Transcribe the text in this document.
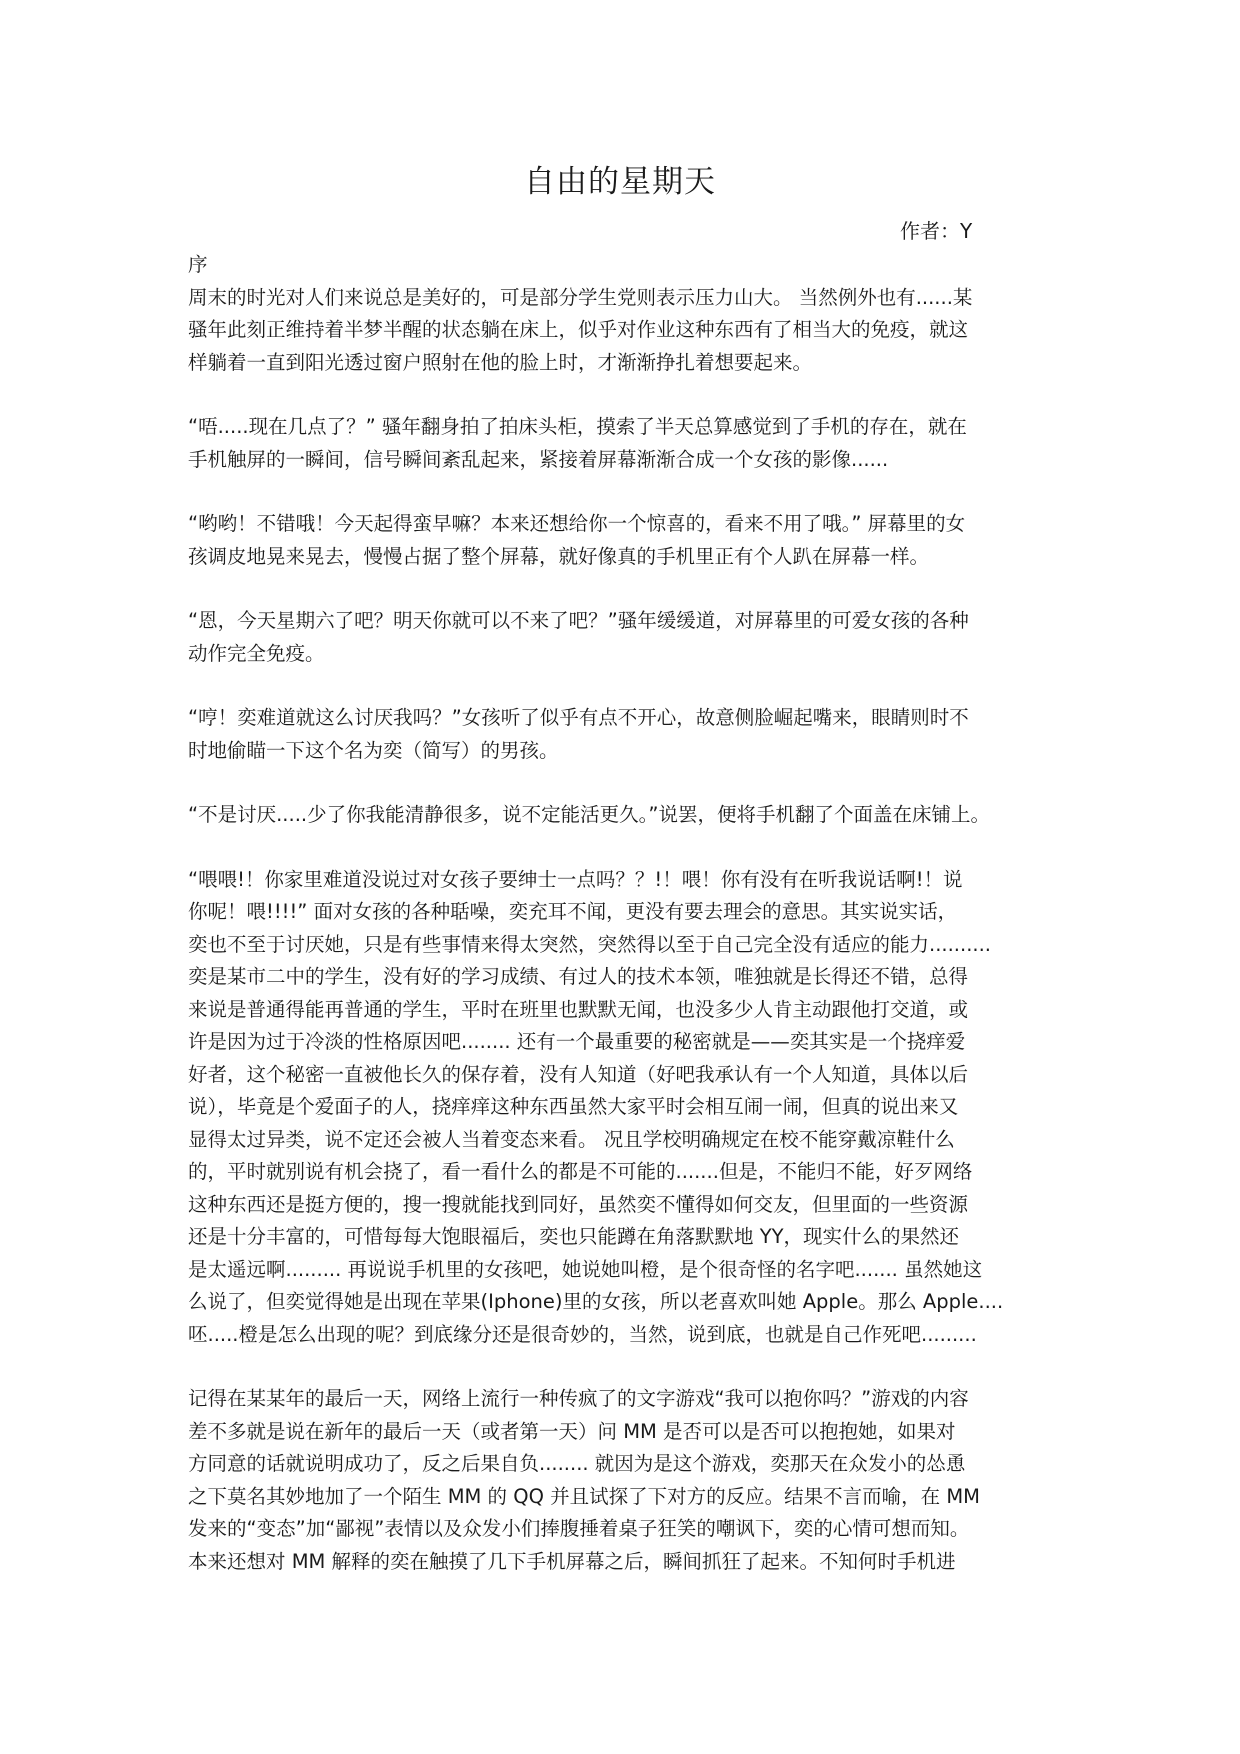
自由的星期天
作者：Y
序
周末的时光对人们来说总是美好的，可是部分学生党则表示压力山大。 当然例外也有......某
骚年此刻正维持着半梦半醒的状态躺在床上，似乎对作业这种东西有了相当大的免疫，就这
样躺着一直到阳光透过窗户照射在他的脸上时，才渐渐挣扎着想要起来。
“唔.....现在几点了？” 骚年翻身拍了拍床头柜，摸索了半天总算感觉到了手机的存在，就在
手机触屏的一瞬间，信号瞬间紊乱起来，紧接着屏幕渐渐合成一个女孩的影像......
“哟哟！不错哦！今天起得蛮早嘛？本来还想给你一个惊喜的，看来不用了哦。” 屏幕里的女
孩调皮地晃来晃去，慢慢占据了整个屏幕，就好像真的手机里正有个人趴在屏幕一样。
“恩，今天星期六了吧？明天你就可以不来了吧？”骚年缓缓道，对屏幕里的可爱女孩的各种
动作完全免疫。
“哼！奕难道就这么讨厌我吗？”女孩听了似乎有点不开心，故意侧脸崛起嘴来，眼睛则时不
时地偷瞄一下这个名为奕（简写）的男孩。
“不是讨厌.....少了你我能清静很多，说不定能活更久。”说罢，便将手机翻了个面盖在床铺上。
“喂喂!！你家里难道没说过对女孩子要绅士一点吗？？!！喂！你有没有在听我说话啊!！说
你呢！喂!!!!” 面对女孩的各种聒噪，奕充耳不闻，更没有要去理会的意思。其实说实话，
奕也不至于讨厌她，只是有些事情来得太突然，突然得以至于自己完全没有适应的能力..........
奕是某市二中的学生，没有好的学习成绩、有过人的技术本领，唯独就是长得还不错，总得
来说是普通得能再普通的学生，平时在班里也默默无闻，也没多少人肯主动跟他打交道，或
许是因为过于冷淡的性格原因吧........ 还有一个最重要的秘密就是——奕其实是一个挠痒爱
好者，这个秘密一直被他长久的保存着，没有人知道（好吧我承认有一个人知道，具体以后
说），毕竟是个爱面子的人，挠痒痒这种东西虽然大家平时会相互闹一闹，但真的说出来又
显得太过异类，说不定还会被人当着变态来看。 况且学校明确规定在校不能穿戴凉鞋什么
的，平时就别说有机会挠了，看一看什么的都是不可能的.......但是，不能归不能，好歹网络
这种东西还是挺方便的，搜一搜就能找到同好，虽然奕不懂得如何交友，但里面的一些资源
还是十分丰富的，可惜每每大饱眼福后，奕也只能蹲在角落默默地 YY，现实什么的果然还
是太遥远啊......... 再说说手机里的女孩吧，她说她叫橙，是个很奇怪的名字吧....... 虽然她这
么说了，但奕觉得她是出现在苹果(Iphone)里的女孩，所以老喜欢叫她 Apple。那么 Apple....
呸.....橙是怎么出现的呢？到底缘分还是很奇妙的，当然，说到底，也就是自己作死吧.........
记得在某某年的最后一天，网络上流行一种传疯了的文字游戏“我可以抱你吗？”游戏的内容
差不多就是说在新年的最后一天（或者第一天）问 MM 是否可以是否可以抱抱她，如果对
方同意的话就说明成功了，反之后果自负........ 就因为是这个游戏，奕那天在众发小的怂恿
之下莫名其妙地加了一个陌生 MM 的 QQ 并且试探了下对方的反应。结果不言而喻，在 MM
发来的“变态”加“鄙视”表情以及众发小们捧腹捶着桌子狂笑的嘲讽下，奕的心情可想而知。
本来还想对 MM 解释的奕在触摸了几下手机屏幕之后，瞬间抓狂了起来。不知何时手机进
